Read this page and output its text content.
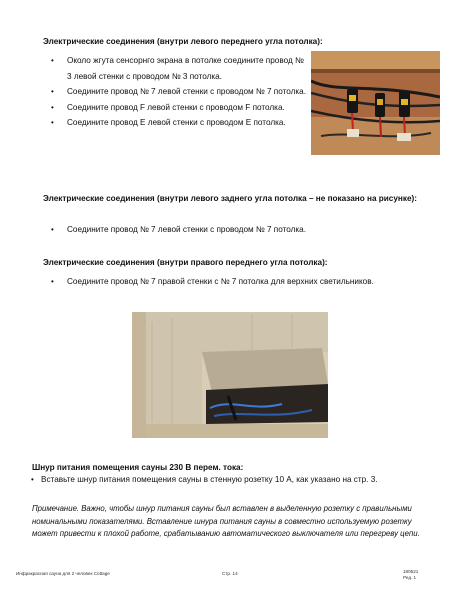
Электрические соединения (внутри левого переднего угла потолка):
• Около жгута сенсорнго экрана в потолке соедините провод № 3 левой стенки с проводом № 3 потолка.
• Соедините провод № 7 левой стенки с проводом № 7 потолка.
• Соедините провод F левой стенки с проводом F потолка.
• Соедините провод E левой стенки с проводом E потолка.
Электрические соединения (внутри левого заднего угла потолка – не показано на рисунке):
• Соедините провод № 7 левой стенки с проводом № 7 потолка.
Электрические соединения (внутри правого переднего угла потолка):
• Соедините провод № 7 правой стенки с № 7 потолка для верхних светильников.
Шнур питания помещения сауны 230 В перем. тока:
• Вставьте шнур питания помещения сауны в стенную розетку 10 А, как указано на стр. 3.
Примечание. Важно, чтобы шнур питания сауны был вставлен в выделенную розетку с правильными номинальными показателями. Вставление шнура питания сауны в совместно используемую розетку может привести к плохой работе, срабатыванию автоматического выключателя или перегреву цепи.
Инфракрасная сауна для 2 человек Cottage	Стр. 14	180521
Ред. 1
